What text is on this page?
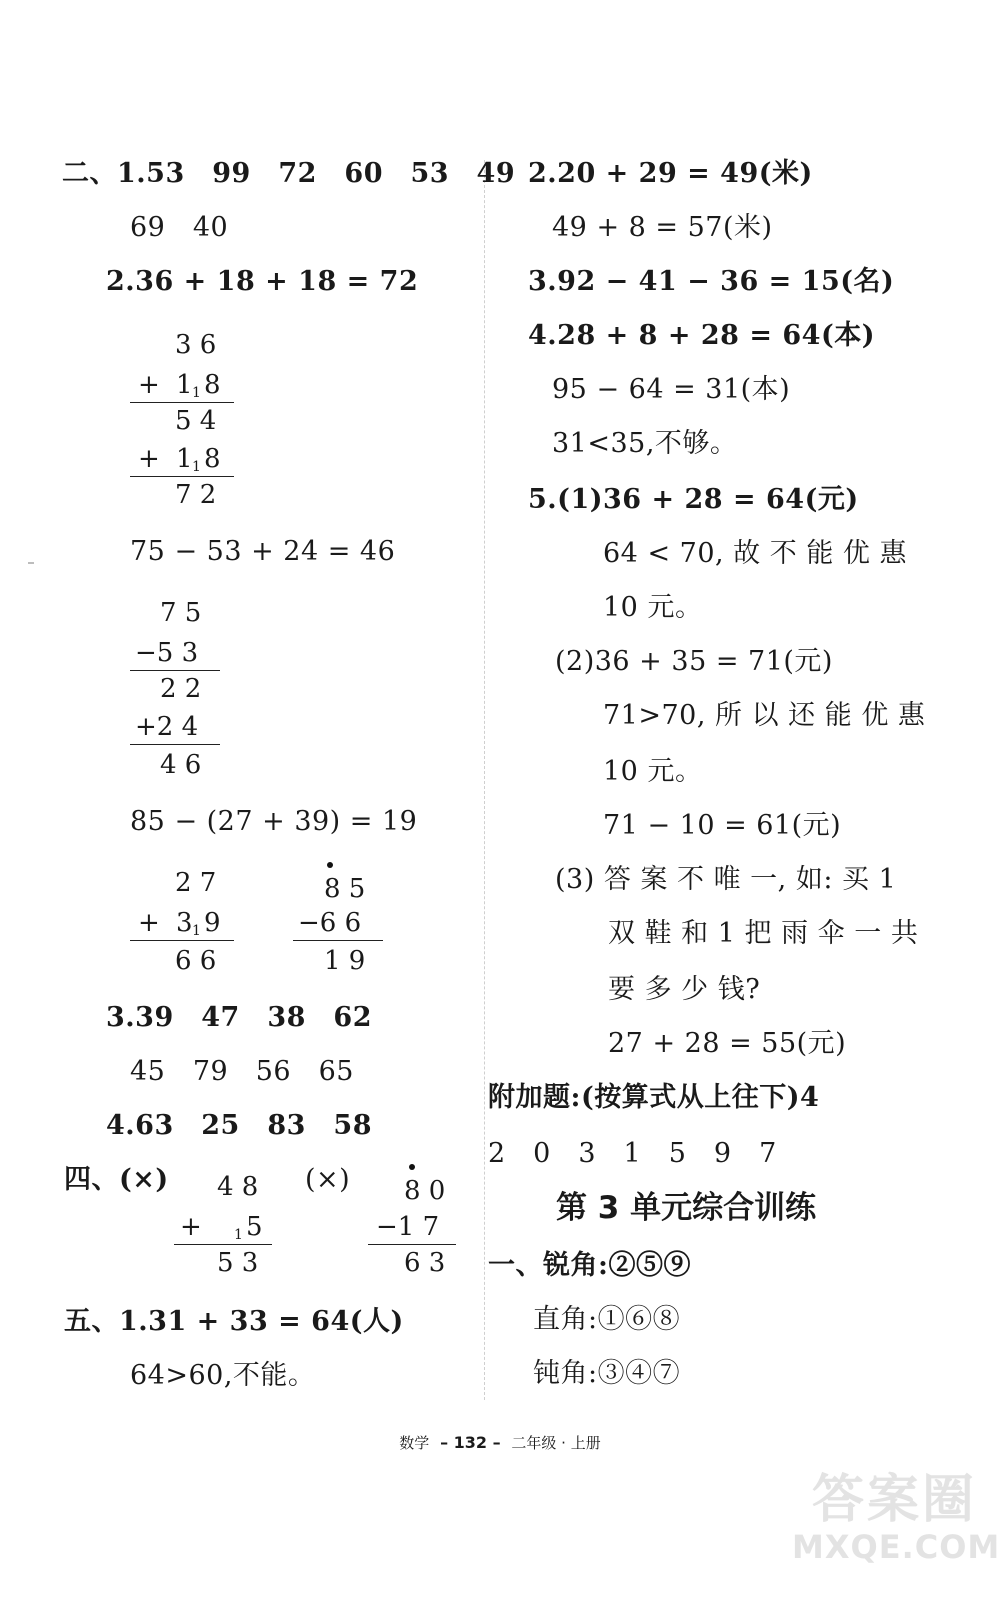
二、1.53　99　72　60　53　49
69　40
2.36 + 18 + 18 = 72
3 6
+ 1 1 8
5 4
+ 1 1 8
7 2
75 − 53 + 24 = 46
7 5
−5 3
2 2
+2 4
4 6
85 − (27 + 39) = 19
2 7
+ 3 1 9
6 6
8 5
−6 6
1 9
3.39　47　38　62
45　79　56　65
4.63　25　83　58
四、(×) 4 8
+ 1 5
5 3
(×) 8 0
−1 7
6 3
五、1.31 + 33 = 64(人)
64>60,不能。
2.20 + 29 = 49(米)
49 + 8 = 57(米)
3.92 − 41 − 36 = 15(名)
4.28 + 8 + 28 = 64(本)
95 − 64 = 31(本)
31<35,不够。
5.(1)36 + 28 = 64(元)
64 < 70, 故 不 能 优 惠
10 元。
(2)36 + 35 = 71(元)
71>70, 所 以 还 能 优 惠
10 元。
71 − 10 = 61(元)
(3) 答 案 不 唯 一, 如: 买 1
双 鞋 和 1 把 雨 伞 一 共
要 多 少 钱?
27 + 28 = 55(元)
附加题:(按算式从上往下)4
2　0　3　1　5　9　7
第 3 单元综合训练
一、锐角:②⑤⑨
直角:①⑥⑧
钝角:③④⑦
数学 – 132 – 二年级 · 上册
答案圈
MXQE.COM
